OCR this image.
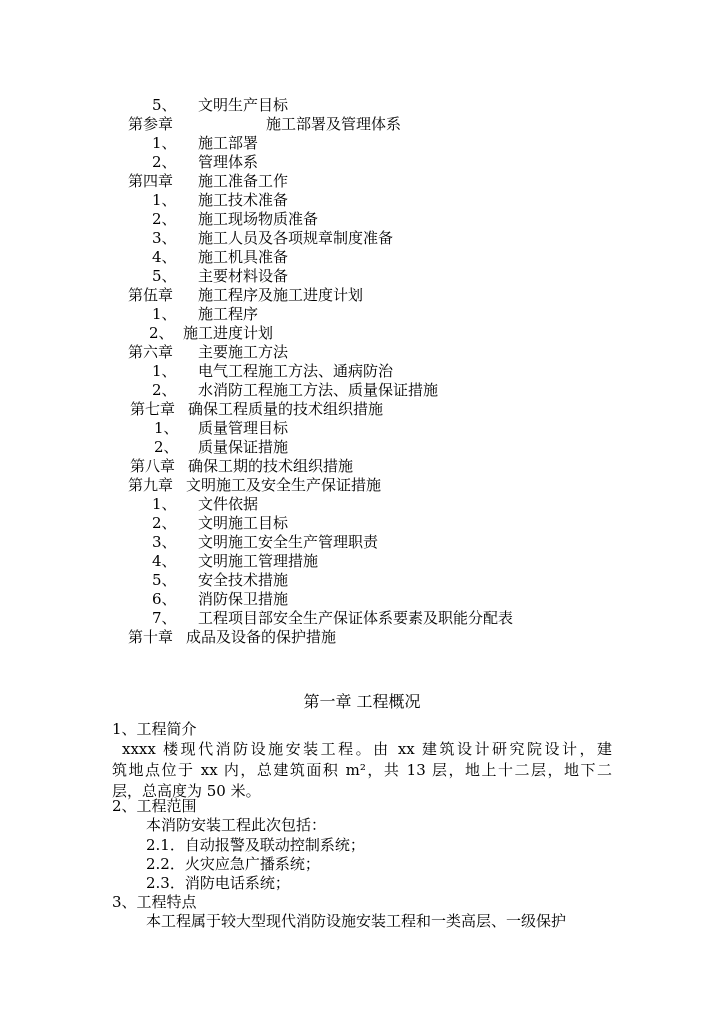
5、 文明生产目标
第参章	施工部署及管理体系
1、 施工部署
2、 管理体系
第四章 施工准备工作
1、 施工技术准备
2、 施工现场物质准备
3、 施工人员及各项规章制度准备
4、 施工机具准备
5、 主要材料设备
第伍章 施工程序及施工进度计划
1、 施工程序
2、 施工进度计划
第六章 主要施工方法
1、 电气工程施工方法、通病防治
2、 水消防工程施工方法、质量保证措施
第七章 确保工程质量的技术组织措施
1、 质量管理目标
2、 质量保证措施
第八章 确保工期的技术组织措施
第九章 文明施工及安全生产保证措施
1、 文件依据
2、 文明施工目标
3、 文明施工安全生产管理职责
4、 文明施工管理措施
5、 安全技术措施
6、 消防保卫措施
7、 工程项目部安全生产保证体系要素及职能分配表
第十章 成品及设备的保护措施
第一章 工程概况
1、工程简介
xxxx 楼现代消防设施安装工程。由 xx 建筑设计研究院设计，建
筑地点位于 xx 内，总建筑面积 m²，共 13 层，地上十二层，地下二
层，总高度为 50 米。
2、工程范围
本消防安装工程此次包括：
2.1．自动报警及联动控制系统；
2.2．火灾应急广播系统；
2.3．消防电话系统；
3、工程特点
本工程属于较大型现代消防设施安装工程和一类高层、一级保护
